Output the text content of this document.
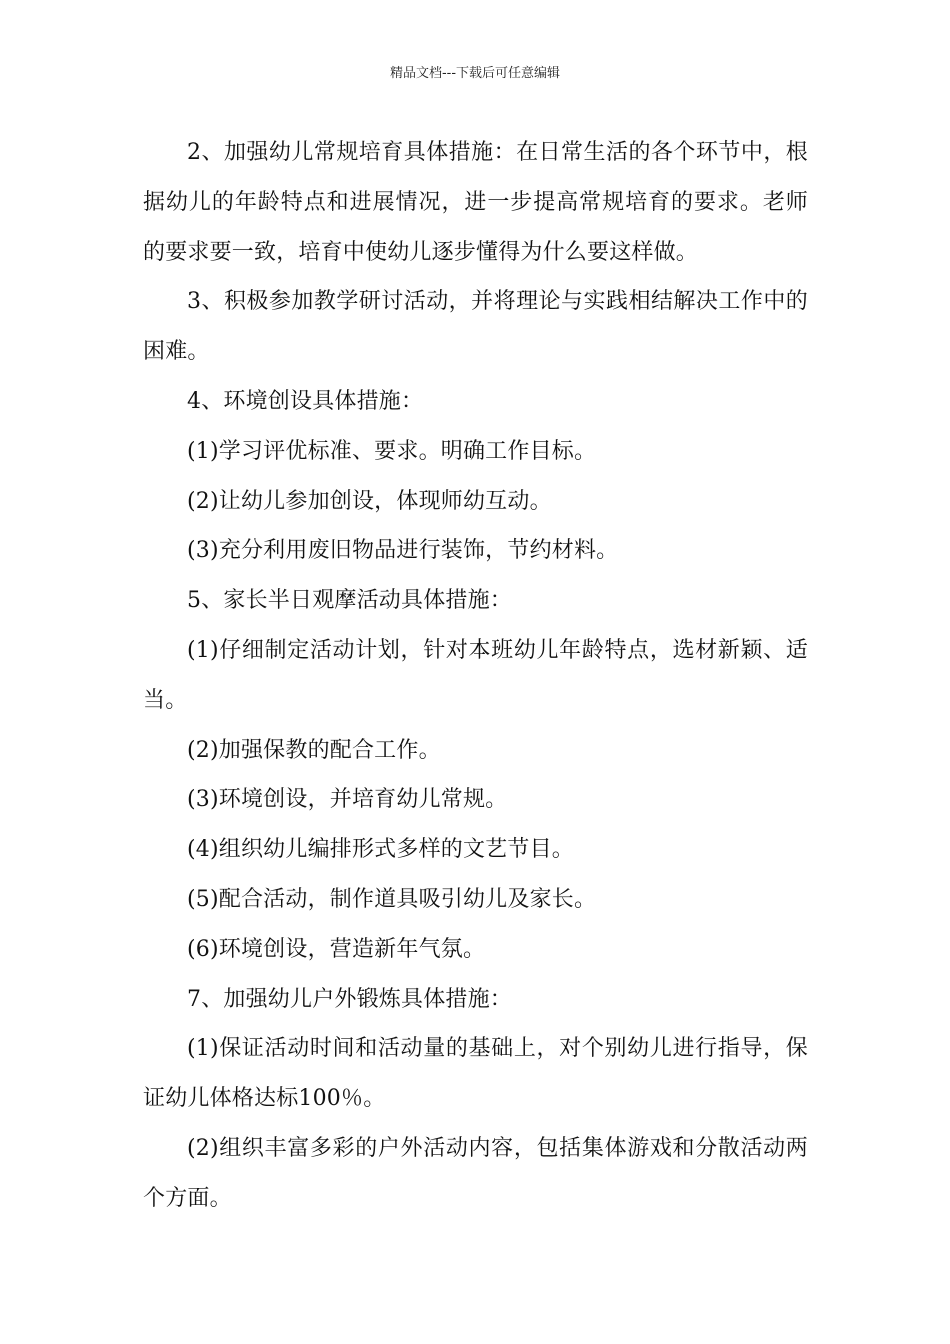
精品文档---下载后可任意编辑

2、加强幼儿常规培育具体措施：在日常生活的各个环节中，根据幼儿的年龄特点和进展情况，进一步提高常规培育的要求。老师的要求要一致，培育中使幼儿逐步懂得为什么要这样做。

3、积极参加教学研讨活动，并将理论与实践相结解决工作中的困难。

4、环境创设具体措施：

(1)学习评优标准、要求。明确工作目标。

(2)让幼儿参加创设，体现师幼互动。

(3)充分利用废旧物品进行装饰，节约材料。

5、家长半日观摩活动具体措施：

(1)仔细制定活动计划，针对本班幼儿年龄特点，选材新颖、适当。

(2)加强保教的配合工作。

(3)环境创设，并培育幼儿常规。

(4)组织幼儿编排形式多样的文艺节目。

(5)配合活动，制作道具吸引幼儿及家长。

(6)环境创设，营造新年气氛。

7、加强幼儿户外锻炼具体措施：

(1)保证活动时间和活动量的基础上，对个别幼儿进行指导，保证幼儿体格达标100％。

(2)组织丰富多彩的户外活动内容，包括集体游戏和分散活动两个方面。
